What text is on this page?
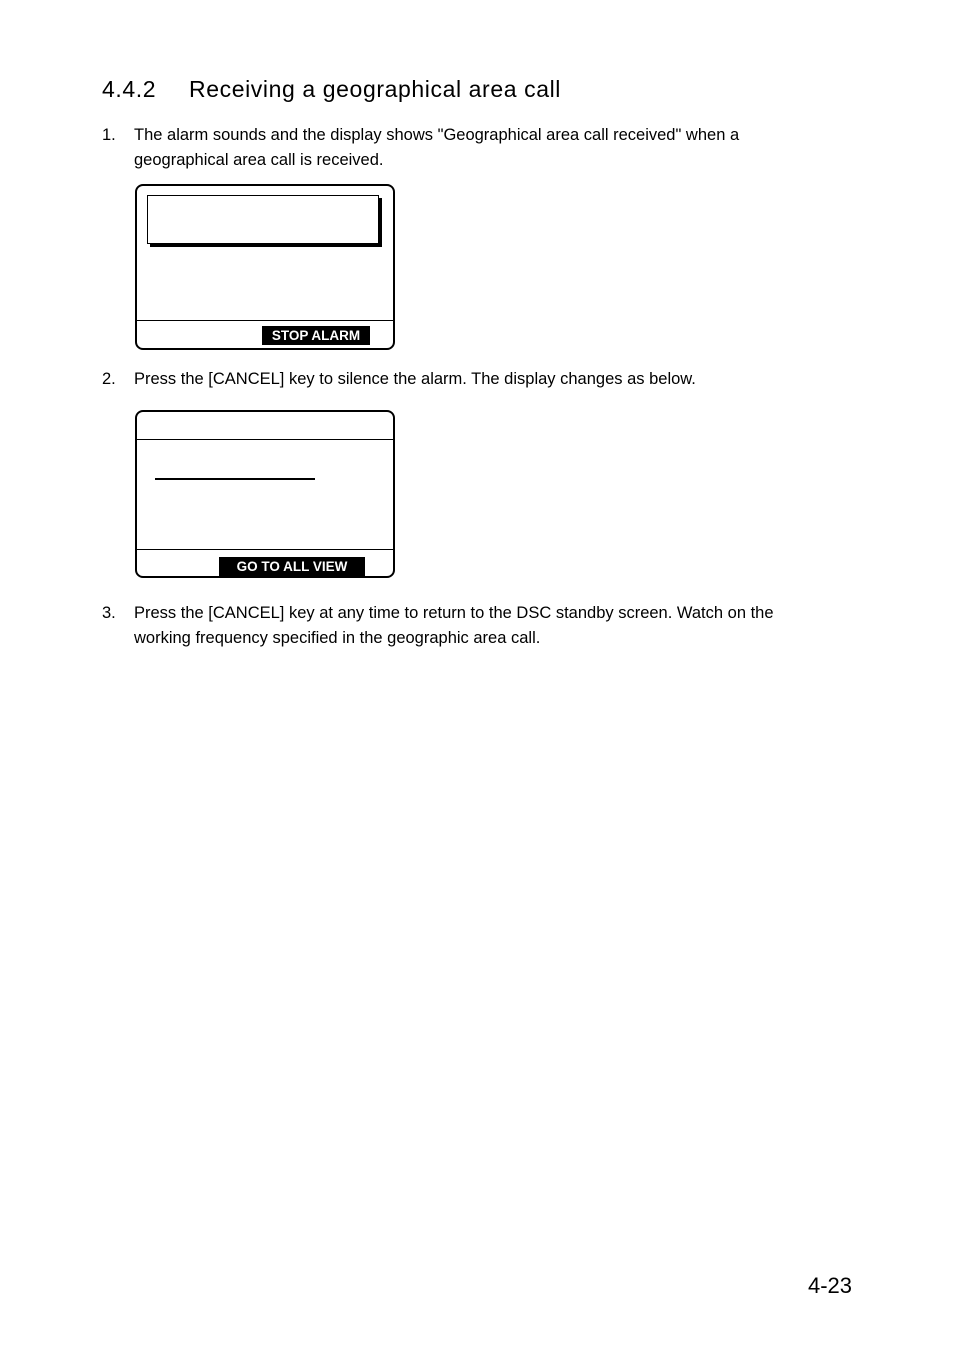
4.4.2 Receiving a geographical area call
1. The alarm sounds and the display shows "Geographical area call received" when a geographical area call is received.
STOP ALARM
2. Press the [CANCEL] key to silence the alarm. The display changes as below.
GO TO ALL VIEW
3. Press the [CANCEL] key at any time to return to the DSC standby screen. Watch on the working frequency specified in the geographic area call.
4-23
